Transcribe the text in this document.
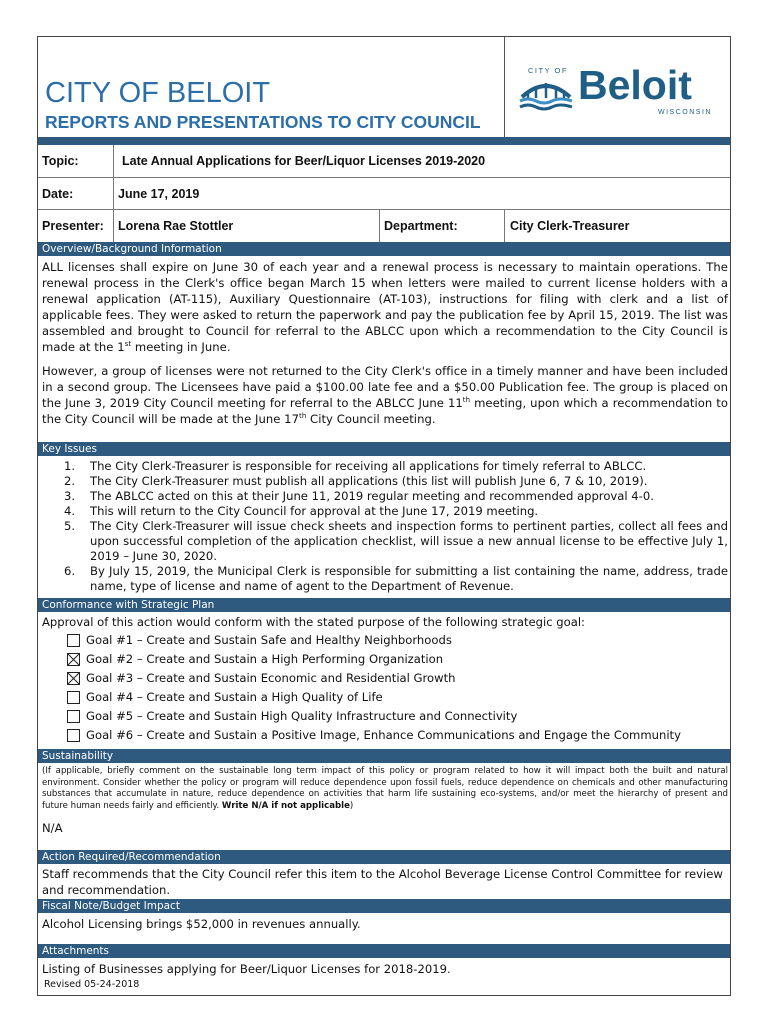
CITY OF BELOIT
REPORTS AND PRESENTATIONS TO CITY COUNCIL
CITY OF Beloit
WISCONSIN
Topic:	Late Annual Applications for Beer/Liquor Licenses 2019-2020
Date:	June 17, 2019
Presenter: Lorena Rae Stottler	Department:	City Clerk-Treasurer
Overview/Background Information
ALL licenses shall expire on June 30 of each year and a renewal process is necessary to maintain operations. The renewal process in the Clerk's office began March 15 when letters were mailed to current license holders with a renewal application (AT-115), Auxiliary Questionnaire (AT-103), instructions for filing with clerk and a list of applicable fees. They were asked to return the paperwork and pay the publication fee by April 15, 2019. The list was assembled and brought to Council for referral to the ABLCC upon which a recommendation to the City Council is made at the 1st meeting in June.
However, a group of licenses were not returned to the City Clerk's office in a timely manner and have been included in a second group. The Licensees have paid a $100.00 late fee and a $50.00 Publication fee. The group is placed on the June 3, 2019 City Council meeting for referral to the ABLCC June 11th meeting, upon which a recommendation to the City Council will be made at the June 17th City Council meeting.
Key Issues
1. The City Clerk-Treasurer is responsible for receiving all applications for timely referral to ABLCC.
2. The City Clerk-Treasurer must publish all applications (this list will publish June 6, 7 & 10, 2019).
3. The ABLCC acted on this at their June 11, 2019 regular meeting and recommended approval 4-0.
4. This will return to the City Council for approval at the June 17, 2019 meeting.
5. The City Clerk-Treasurer will issue check sheets and inspection forms to pertinent parties, collect all fees and upon successful completion of the application checklist, will issue a new annual license to be effective July 1, 2019 – June 30, 2020.
6. By July 15, 2019, the Municipal Clerk is responsible for submitting a list containing the name, address, trade name, type of license and name of agent to the Department of Revenue.
Conformance with Strategic Plan
Approval of this action would conform with the stated purpose of the following strategic goal:
Goal #1 – Create and Sustain Safe and Healthy Neighborhoods
Goal #2 – Create and Sustain a High Performing Organization
Goal #3 – Create and Sustain Economic and Residential Growth
Goal #4 – Create and Sustain a High Quality of Life
Goal #5 – Create and Sustain High Quality Infrastructure and Connectivity
Goal #6 – Create and Sustain a Positive Image, Enhance Communications and Engage the Community
Sustainability
(If applicable, briefly comment on the sustainable long term impact of this policy or program related to how it will impact both the built and natural environment. Consider whether the policy or program will reduce dependence upon fossil fuels, reduce dependence on chemicals and other manufacturing substances that accumulate in nature, reduce dependence on activities that harm life sustaining eco-systems, and/or meet the hierarchy of present and future human needs fairly and efficiently. Write N/A if not applicable)
N/A
Action Required/Recommendation
Staff recommends that the City Council refer this item to the Alcohol Beverage License Control Committee for review and recommendation.
Fiscal Note/Budget Impact
Alcohol Licensing brings $52,000 in revenues annually.
Attachments
Listing of Businesses applying for Beer/Liquor Licenses for 2018-2019.
Revised 05-24-2018
